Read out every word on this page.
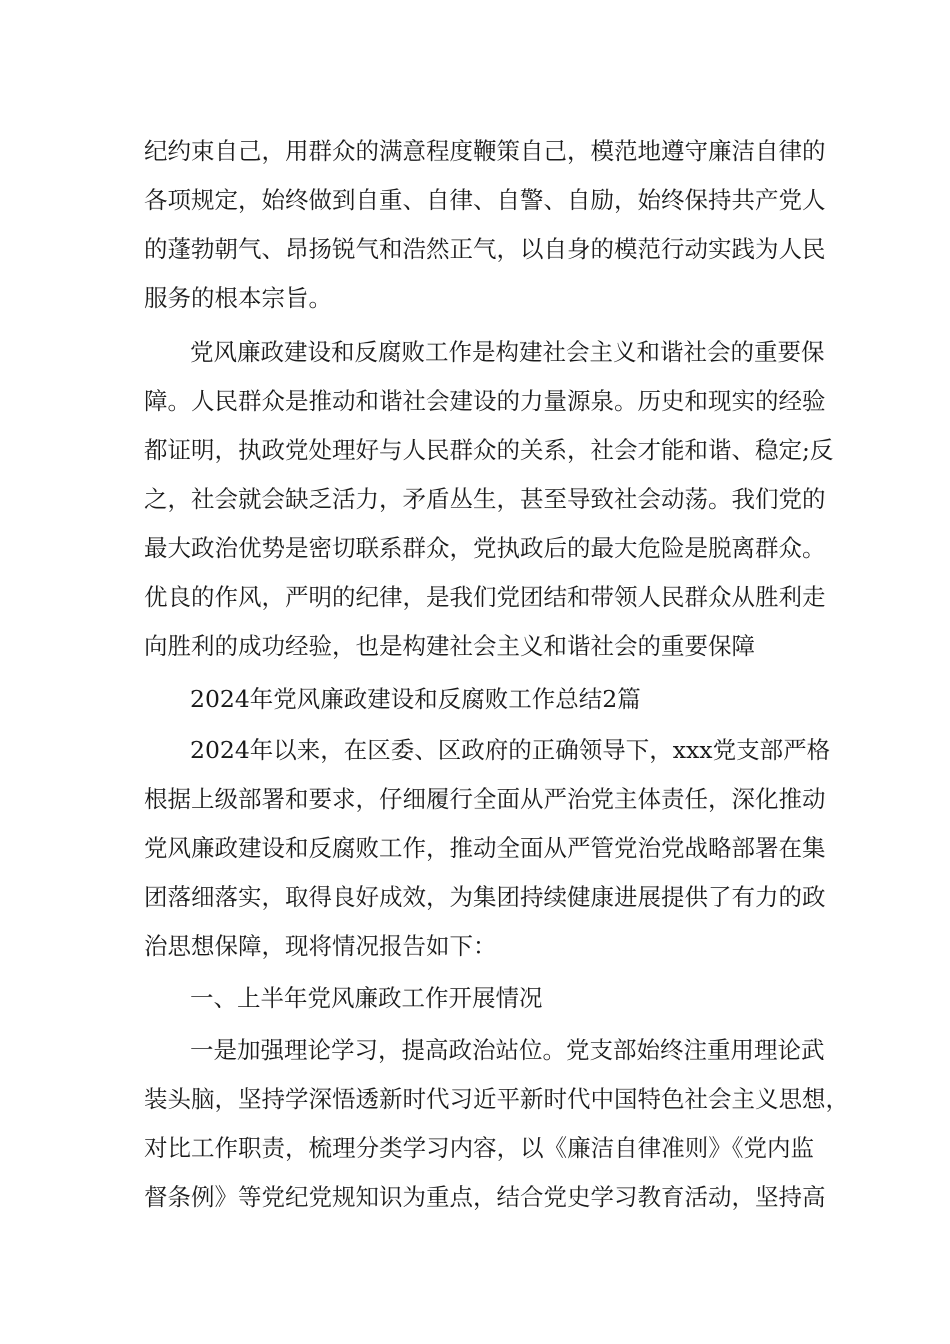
纪约束自己，用群众的满意程度鞭策自己，模范地遵守廉洁自律的
各项规定，始终做到自重、自律、自警、自励，始终保持共产党人
的蓬勃朝气、昂扬锐气和浩然正气，以自身的模范行动实践为人民
服务的根本宗旨。
党风廉政建设和反腐败工作是构建社会主义和谐社会的重要保
障。人民群众是推动和谐社会建设的力量源泉。历史和现实的经验
都证明，执政党处理好与人民群众的关系，社会才能和谐、稳定;反
之，社会就会缺乏活力，矛盾丛生，甚至导致社会动荡。我们党的
最大政治优势是密切联系群众，党执政后的最大危险是脱离群众。
优良的作风，严明的纪律，是我们党团结和带领人民群众从胜利走
向胜利的成功经验，也是构建社会主义和谐社会的重要保障
2024年党风廉政建设和反腐败工作总结2篇
2024年以来，在区委、区政府的正确领导下，xxx党支部严格
根据上级部署和要求，仔细履行全面从严治党主体责任，深化推动
党风廉政建设和反腐败工作，推动全面从严管党治党战略部署在集
团落细落实，取得良好成效，为集团持续健康进展提供了有力的政
治思想保障，现将情况报告如下：
一、上半年党风廉政工作开展情况
一是加强理论学习，提高政治站位。党支部始终注重用理论武
装头脑，坚持学深悟透新时代习近平新时代中国特色社会主义思想，
对比工作职责，梳理分类学习内容，以《廉洁自律准则》《党内监
督条例》等党纪党规知识为重点，结合党史学习教育活动，坚持高
